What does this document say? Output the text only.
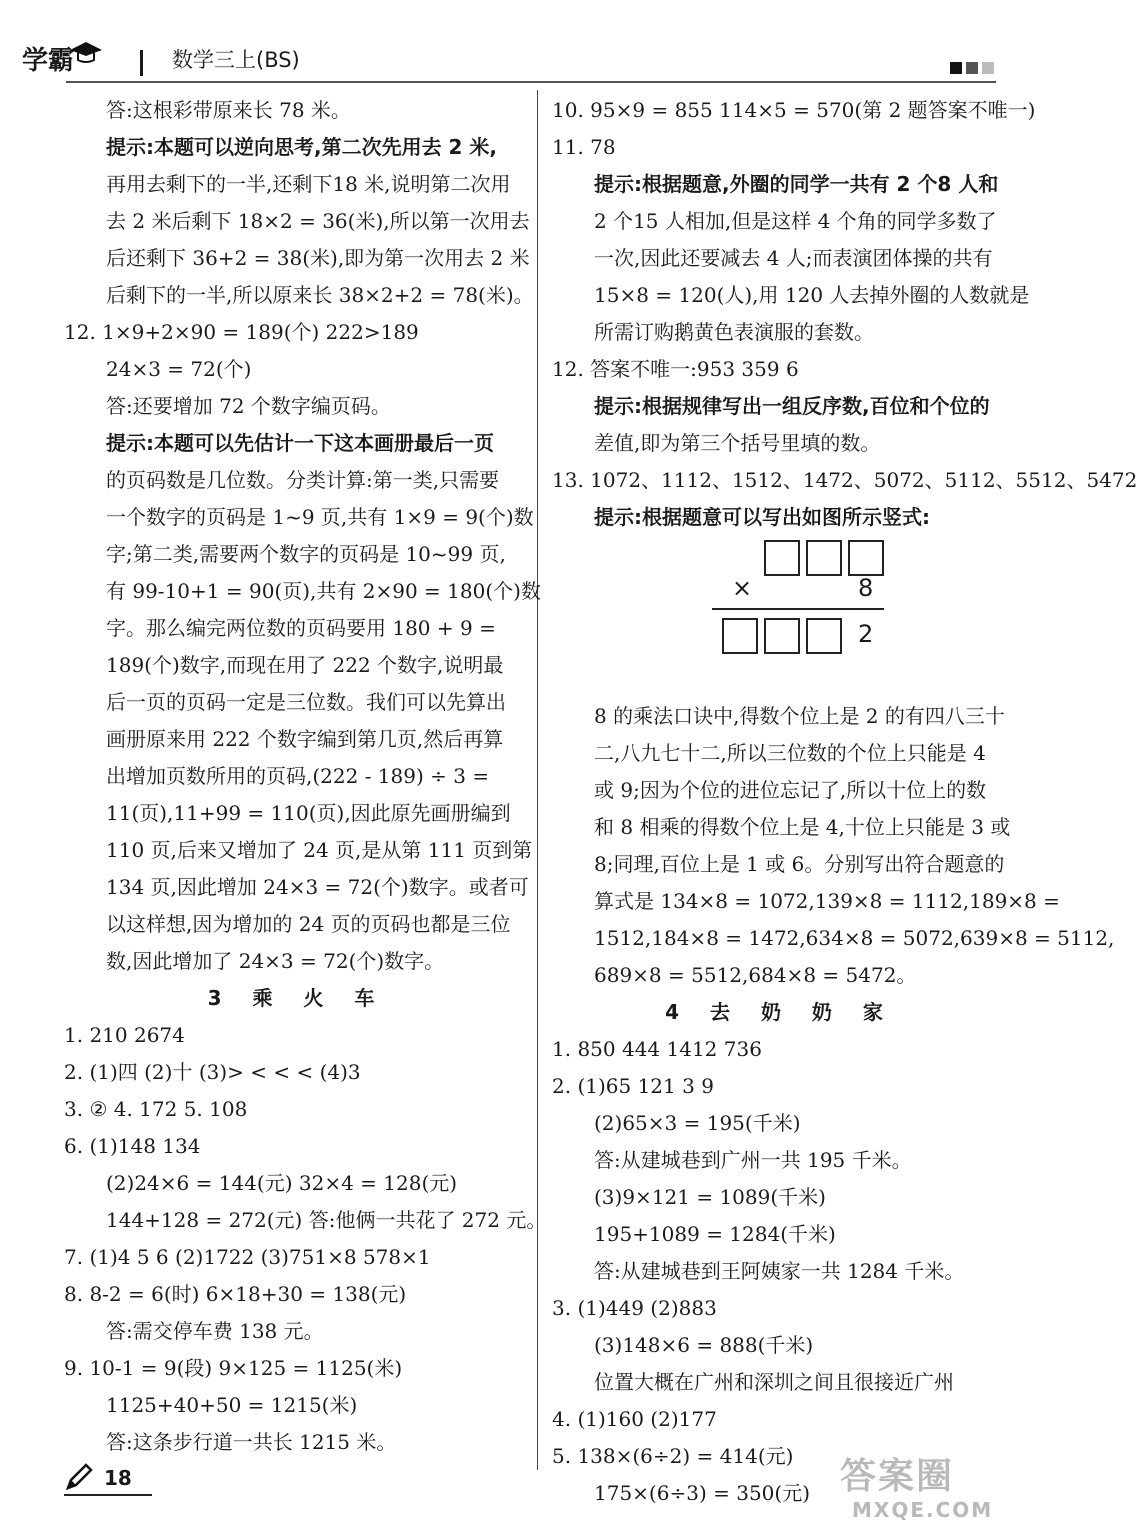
学霸	数学三上(BS)
答:这根彩带原来长 78 米。
提示:本题可以逆向思考,第二次先用去 2 米,
再用去剩下的一半,还剩下18 米,说明第二次用
去 2 米后剩下 18×2 = 36(米),所以第一次用去
后还剩下 36+2 = 38(米),即为第一次用去 2 米
后剩下的一半,所以原来长 38×2+2 = 78(米)。
12. 1×9+2×90 = 189(个) 222>189
24×3 = 72(个)
答:还要增加 72 个数字编页码。
提示:本题可以先估计一下这本画册最后一页
的页码数是几位数。分类计算:第一类,只需要
一个数字的页码是 1~9 页,共有 1×9 = 9(个)数
字;第二类,需要两个数字的页码是 10~99 页,
有 99-10+1 = 90(页),共有 2×90 = 180(个)数
字。那么编完两位数的页码要用 180 + 9 =
189(个)数字,而现在用了 222 个数字,说明最
后一页的页码一定是三位数。我们可以先算出
画册原来用 222 个数字编到第几页,然后再算
出增加页数所用的页码,(222 - 189) ÷ 3 =
11(页),11+99 = 110(页),因此原先画册编到
110 页,后来又增加了 24 页,是从第 111 页到第
134 页,因此增加 24×3 = 72(个)数字。或者可
以这样想,因为增加的 24 页的页码也都是三位
数,因此增加了 24×3 = 72(个)数字。
3 乘 火 车
1. 210 2674
2. (1)四 (2)十 (3)> < < < (4)3
3. ② 4. 172 5. 108
6. (1)148 134
(2)24×6 = 144(元) 32×4 = 128(元)
144+128 = 272(元) 答:他俩一共花了 272 元。
7. (1)4 5 6 (2)1722 (3)751×8 578×1
8. 8-2 = 6(时) 6×18+30 = 138(元)
答:需交停车费 138 元。
9. 10-1 = 9(段) 9×125 = 1125(米)
1125+40+50 = 1215(米)
答:这条步行道一共长 1215 米。
10. 95×9 = 855 114×5 = 570(第 2 题答案不唯一)
11. 78
提示:根据题意,外圈的同学一共有 2 个8 人和
2 个15 人相加,但是这样 4 个角的同学多数了
一次,因此还要减去 4 人;而表演团体操的共有
15×8 = 120(人),用 120 人去掉外圈的人数就是
所需订购鹅黄色表演服的套数。
12. 答案不唯一:953 359 6
提示:根据规律写出一组反序数,百位和个位的
差值,即为第三个括号里填的数。
13. 1072、1112、1512、1472、5072、5112、5512、5472
提示:根据题意可以写出如图所示竖式:
×	8
2
8 的乘法口诀中,得数个位上是 2 的有四八三十
二,八九七十二,所以三位数的个位上只能是 4
或 9;因为个位的进位忘记了,所以十位上的数
和 8 相乘的得数个位上是 4,十位上只能是 3 或
8;同理,百位上是 1 或 6。分别写出符合题意的
算式是 134×8 = 1072,139×8 = 1112,189×8 =
1512,184×8 = 1472,634×8 = 5072,639×8 = 5112,
689×8 = 5512,684×8 = 5472。
4 去 奶 奶 家
1. 850 444 1412 736
2. (1)65 121 3 9
(2)65×3 = 195(千米)
答:从建城巷到广州一共 195 千米。
(3)9×121 = 1089(千米)
195+1089 = 1284(千米)
答:从建城巷到王阿姨家一共 1284 千米。
3. (1)449 (2)883
(3)148×6 = 888(千米)
位置大概在广州和深圳之间且很接近广州
4. (1)160 (2)177
5. 138×(6÷2) = 414(元)
175×(6÷3) = 350(元)
18	答案圈
MXQE.COM
